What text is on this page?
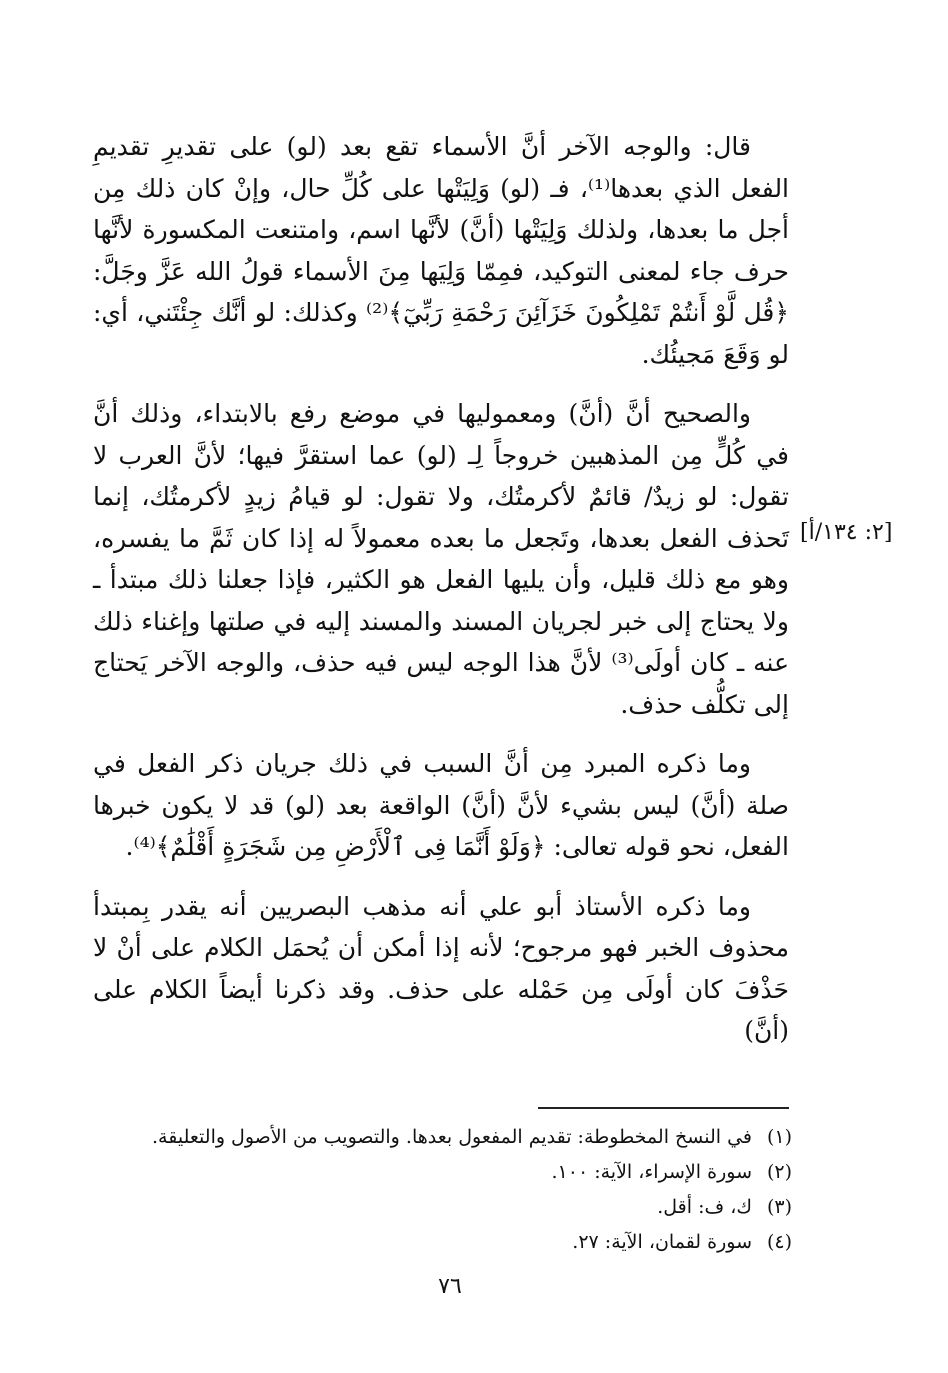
قال: والوجه الآخر أنَّ الأسماء تقع بعد (لو) على تقديرِ تقديمِ الفعل الذي بعدها⁽¹⁾، فـ (لو) وَلِيَتْها على كُلِّ حال، وإنْ كان ذلك مِن أجل ما بعدها، ولذلك وَلِيَتْها (أنَّ) لأنَّها اسم، وامتنعت المكسورة لأنَّها حرف جاء لمعنى التوكيد، فمِمّا وَلِيَها مِنَ الأسماء قولُ الله عَزَّ وجَلَّ: ﴿قُل لَّوْ أَنتُمْ تَمْلِكُونَ خَزَآئِنَ رَحْمَةِ رَبِّيٓ﴾⁽²⁾ وكذلك: لو أنَّك جِئْتَني، أي: لو وَقَعَ مَجيئُك.

والصحيح أنَّ (أنَّ) ومعموليها في موضع رفع بالابتداء، وذلك أنَّ في كُلٍّ مِن المذهبين خروجاً لِـ (لو) عما استقرَّ فيها؛ لأنَّ العرب لا تقول: لو زيدٌ/ قائمٌ لأكرمتُك، ولا تقول: لو قيامُ زيدٍ لأكرمتُك، إنما تَحذف الفعل بعدها، وتَجعل ما بعده معمولاً له إذا كان ثَمَّ ما يفسره، وهو مع ذلك قليل، وأن يليها الفعل هو الكثير، فإذا جعلنا ذلك مبتدأ ـ ولا يحتاج إلى خبر لجريان المسند والمسند إليه في صلتها وإغناء ذلك عنه ـ كان أولَى⁽³⁾ لأنَّ هذا الوجه ليس فيه حذف، والوجه الآخر يَحتاج إلى تكلُّف حذف.

وما ذكره المبرد مِن أنَّ السبب في ذلك جريان ذكر الفعل في صلة (أنَّ) ليس بشيء لأنَّ (أنَّ) الواقعة بعد (لو) قد لا يكون خبرها الفعل، نحو قوله تعالى: ﴿وَلَوْ أَنَّمَا فِى ٱلْأَرْضِ مِن شَجَرَةٍ أَقْلَٰمٌ﴾⁽⁴⁾.

وما ذكره الأستاذ أبو علي أنه مذهب البصريين أنه يقدر بِمبتدأ محذوف الخبر فهو مرجوح؛ لأنه إذا أمكن أن يُحمَل الكلام على أنْ لا حَذْفَ كان أولَى مِن حَمْله على حذف. وقد ذكرنا أيضاً الكلام على (أنَّ)

[٢: ١٣٤/أ]
(١)
في النسخ المخطوطة: تقديم المفعول بعدها. والتصويب من الأصول والتعليقة.
(٢)
سورة الإسراء، الآية: ١٠٠.
(٣)
ك، ف: أقل.
(٤)
سورة لقمان، الآية: ٢٧.
٧٦
